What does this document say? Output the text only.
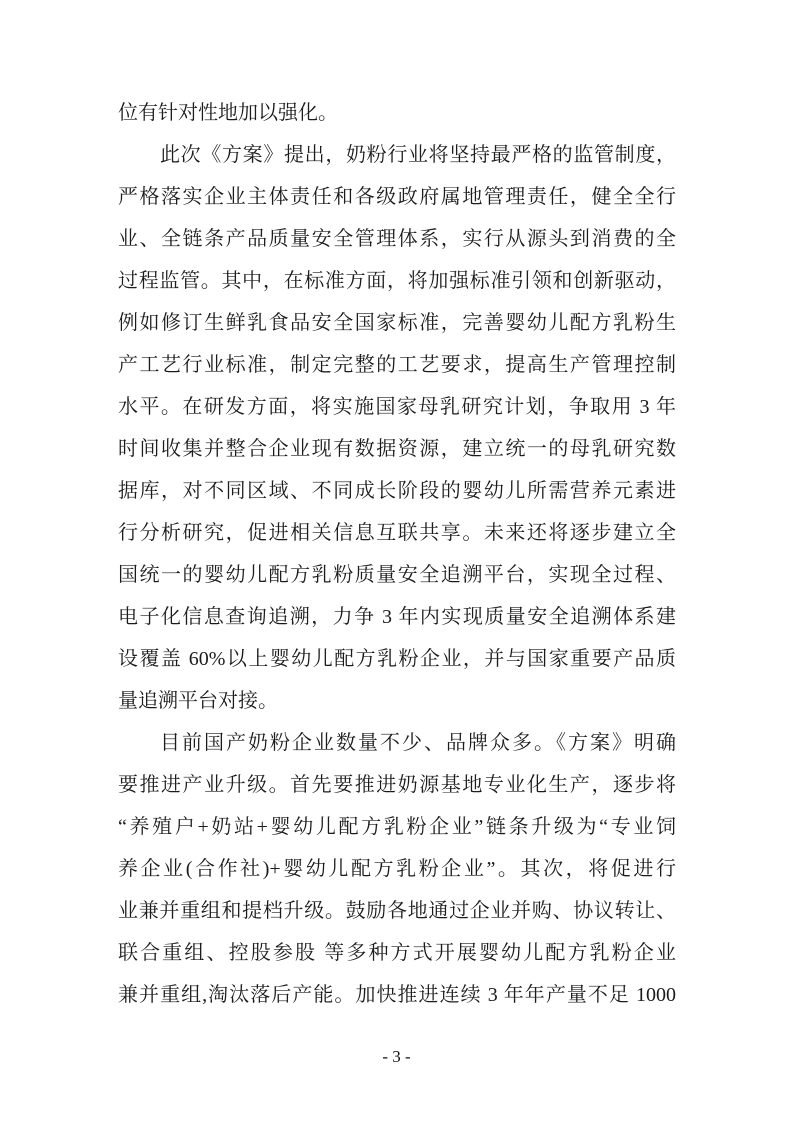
位有针对性地加以强化。
此次《方案》提出，奶粉行业将坚持最严格的监管制度，
严格落实企业主体责任和各级政府属地管理责任，健全全行
业、全链条产品质量安全管理体系，实行从源头到消费的全
过程监管。其中，在标准方面，将加强标准引领和创新驱动，
例如修订生鲜乳食品安全国家标准，完善婴幼儿配方乳粉生
产工艺行业标准，制定完整的工艺要求，提高生产管理控制
水平。在研发方面，将实施国家母乳研究计划，争取用 3 年
时间收集并整合企业现有数据资源，建立统一的母乳研究数
据库，对不同区域、不同成长阶段的婴幼儿所需营养元素进
行分析研究，促进相关信息互联共享。未来还将逐步建立全
国统一的婴幼儿配方乳粉质量安全追溯平台，实现全过程、
电子化信息查询追溯，力争 3 年内实现质量安全追溯体系建
设覆盖 60%以上婴幼儿配方乳粉企业，并与国家重要产品质
量追溯平台对接。
目前国产奶粉企业数量不少、品牌众多。《方案》明确
要推进产业升级。首先要推进奶源基地专业化生产，逐步将
“养殖户+奶站+婴幼儿配方乳粉企业”链条升级为“专业饲
养企业(合作社)+婴幼儿配方乳粉企业”。其次，将促进行
业兼并重组和提档升级。鼓励各地通过企业并购、协议转让、
联合重组、控股参股 等多种方式开展婴幼儿配方乳粉企业
兼并重组,淘汰落后产能。加快推进连续 3 年年产量不足 1000
- 3 -
